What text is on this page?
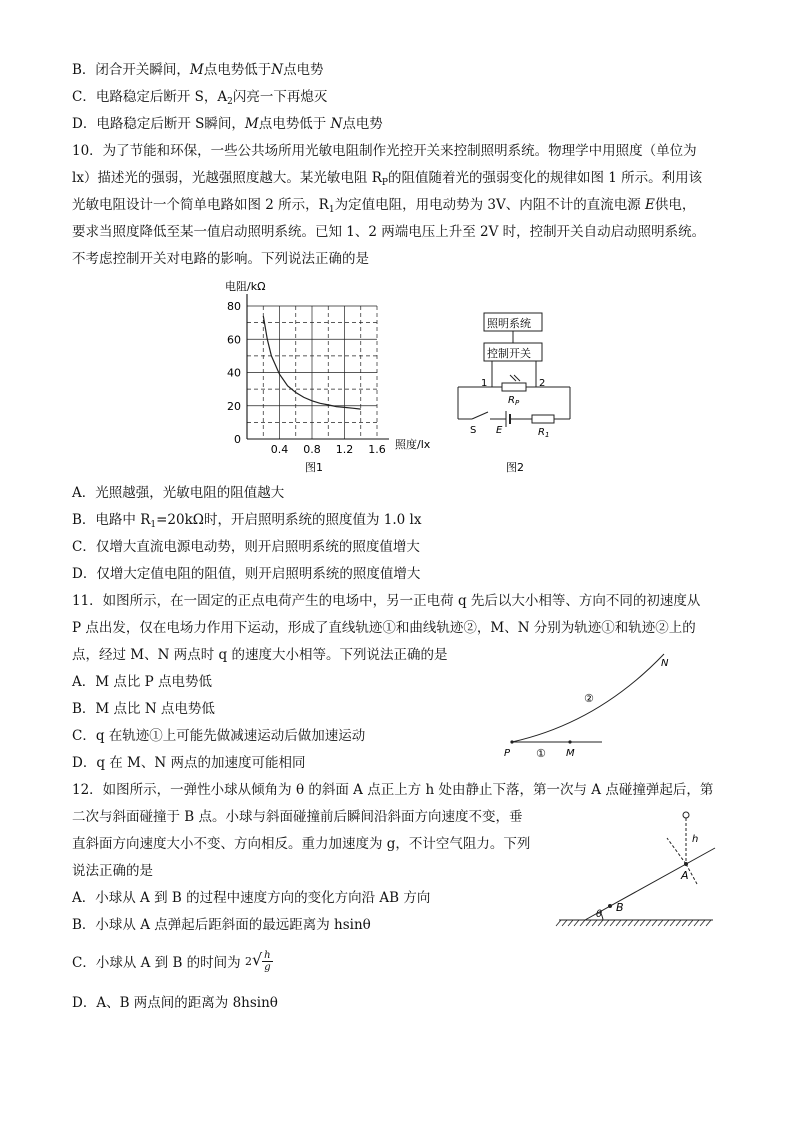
B．闭合开关瞬间，M点电势低于N点电势
C．电路稳定后断开 S，$A_2$闪亮一下再熄灭
D．电路稳定后断开 S瞬间，M点电势低于 N点电势
10．为了节能和环保，一些公共场所用光敏电阻制作光控开关来控制照明系统。物理学中用照度（单位为
lx）描述光的强弱，光越强照度越大。某光敏电阻 $R_P$的阻值随着光的强弱变化的规律如图 1 所示。利用该
光敏电阻设计一个简单电路如图 2 所示，$R_1$为定值电阻，用电动势为 3V、内阻不计的直流电源 E供电，
要求当照度降低至某一值启动照明系统。已知 1、2 两端电压上升至 2V 时，控制开关自动启动照明系统。
不考虑控制开关对电路的影响。下列说法正确的是
电阻/kΩ
照度/lx
0
20
40
60
80
0.4 0.8 1.2 1.6
图1
照明系统
控制开关
1	2
$R_P$
S E	$R_1$
图2
A．光照越强，光敏电阻的阻值越大
B．电路中 $R_1=20k\Omega$时，开启照明系统的照度值为 1.0 lx
C．仅增大直流电源电动势，则开启照明系统的照度值增大
D．仅增大定值电阻的阻值，则开启照明系统的照度值增大
11．如图所示，在一固定的正点电荷产生的电场中，另一正电荷 q 先后以大小相等、方向不同的初速度从
P 点出发，仅在电场力作用下运动，形成了直线轨迹①和曲线轨迹②，M、N 分别为轨迹①和轨迹②上的
点，经过 M、N 两点时 q 的速度大小相等。下列说法正确的是
A．M 点比 P 点电势低
B．M 点比 N 点电势低
C．q 在轨迹①上可能先做减速运动后做加速运动
D．q 在 M、N 两点的加速度可能相同
P ① M
②
N
12．如图所示，一弹性小球从倾角为 θ 的斜面 A 点正上方 h 处由静止下落，第一次与 A 点碰撞弹起后，第
二次与斜面碰撞于 B 点。小球与斜面碰撞前后瞬间沿斜面方向速度不变，垂
直斜面方向速度大小不变、方向相反。重力加速度为 g，不计空气阻力。下列
说法正确的是
A．小球从 A 到 B 的过程中速度方向的变化方向沿 AB 方向
B．小球从 A 点弹起后距斜面的最远距离为 hsinθ
C．小球从 A 到 B 的时间为 $2√ \frac{h}{g}$
D．A、B 两点间的距离为 8hsinθ
θ
B
h
A
